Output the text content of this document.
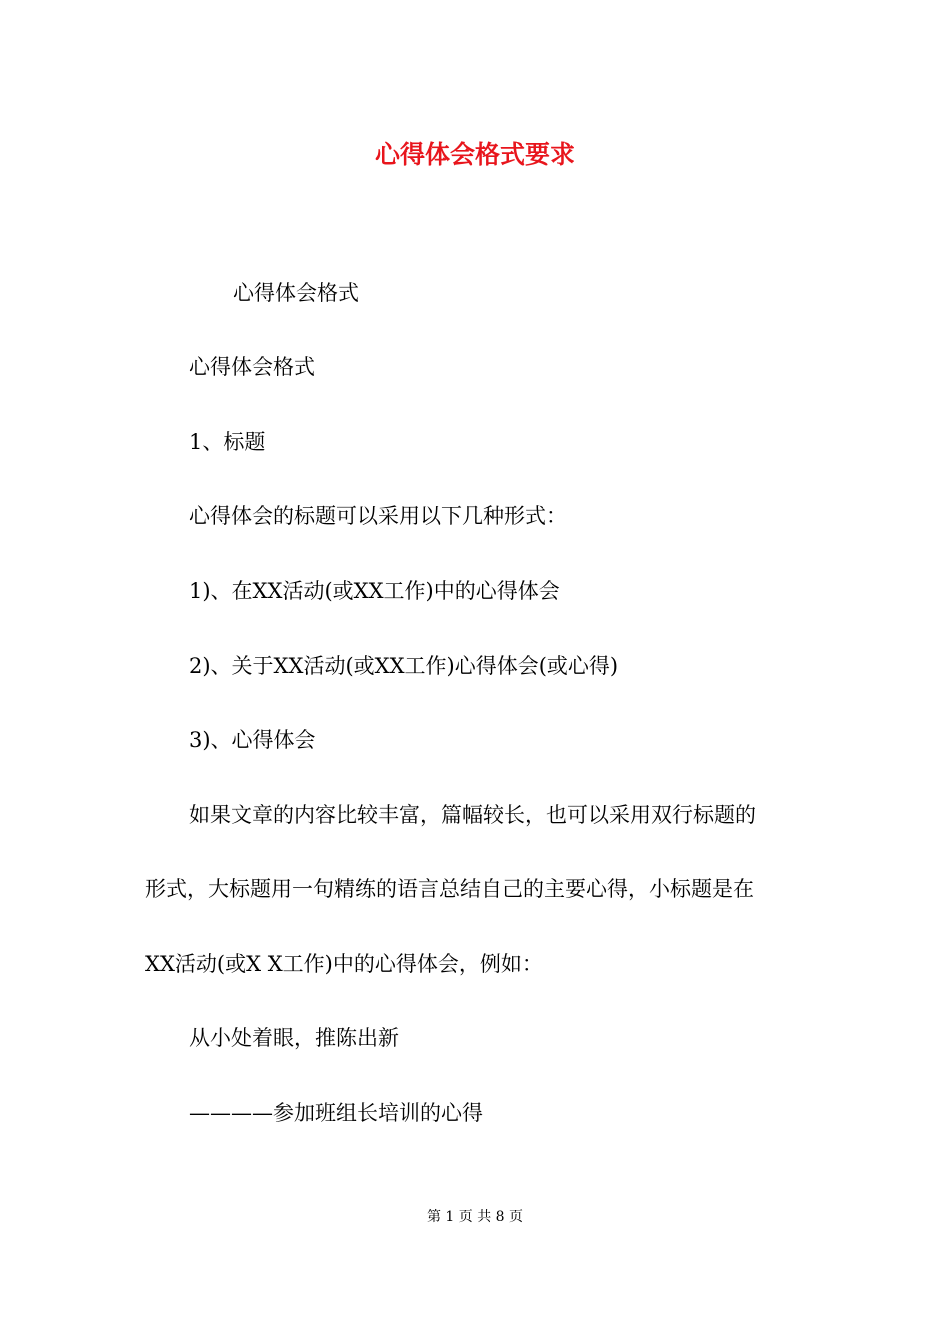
心得体会格式要求
心得体会格式
心得体会格式
1、标题
心得体会的标题可以采用以下几种形式：
1)、在XX活动(或XX工作)中的心得体会
2)、关于XX活动(或XX工作)心得体会(或心得)
3)、心得体会
如果文章的内容比较丰富，篇幅较长，也可以采用双行标题的
形式，大标题用一句精练的语言总结自己的主要心得，小标题是在
XX活动(或X X工作)中的心得体会，例如：
从小处着眼，推陈出新
————参加班组长培训的心得
第 1 页 共 8 页
